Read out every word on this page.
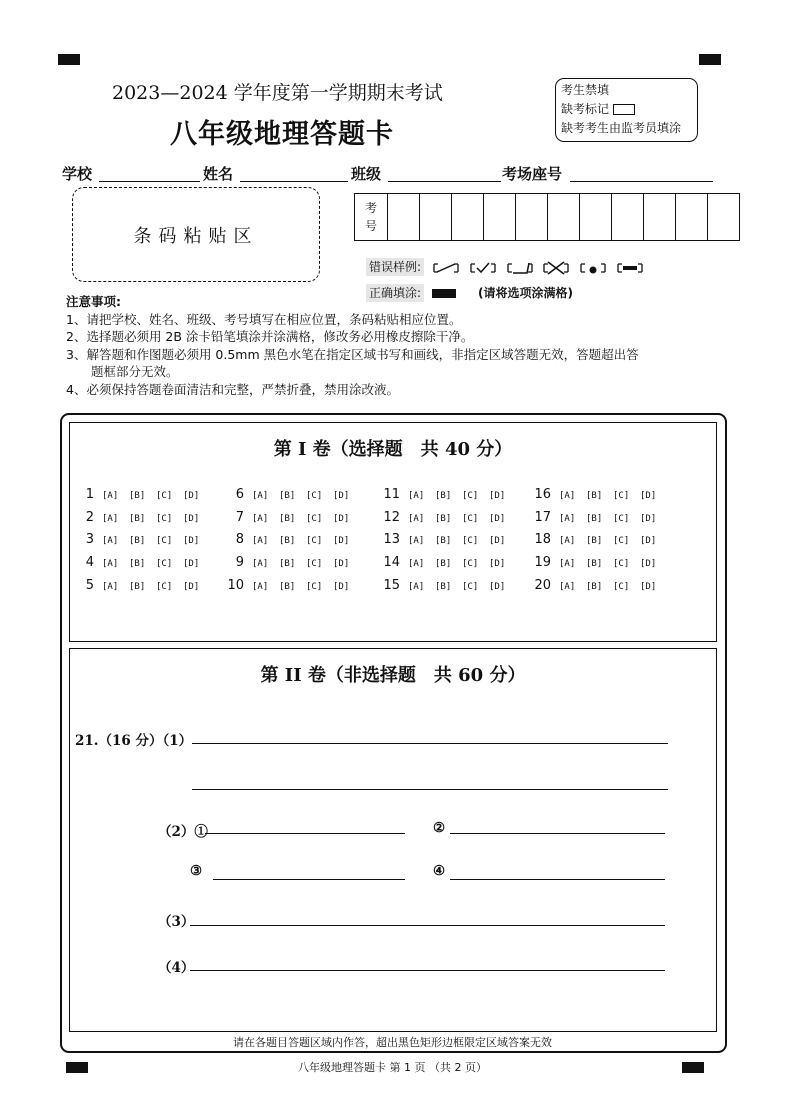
2023—2024 学年度第一学期期末考试
八年级地理答题卡
考生禁填
缺考标记
缺考考生由监考员填涂
学校	姓名	班级	考场座号
条码粘贴区
考
号

错误样例:
正确填涂:	(请将选项涂满格)
注意事项:
1、请把学校、姓名、班级、考号填写在相应位置，条码粘贴相应位置。
2、选择题必须用 2B 涂卡铅笔填涂并涂满格，修改务必用橡皮擦除干净。
3、解答题和作图题必须用 0.5mm 黑色水笔在指定区域书写和画线，非指定区域答题无效，答题超出答
题框部分无效。
4、必须保持答题卷面清洁和完整，严禁折叠，禁用涂改液。
第 I 卷（选择题　共 40 分）
1 [A] [B] [C] [D]
2 [A] [B] [C] [D]
3 [A] [B] [C] [D]
4 [A] [B] [C] [D]
5 [A] [B] [C] [D]
6 [A] [B] [C] [D]
7 [A] [B] [C] [D]
8 [A] [B] [C] [D]
9 [A] [B] [C] [D]
10 [A] [B] [C] [D]
11 [A] [B] [C] [D]
12 [A] [B] [C] [D]
13 [A] [B] [C] [D]
14 [A] [B] [C] [D]
15 [A] [B] [C] [D]
16 [A] [B] [C] [D]
17 [A] [B] [C] [D]
18 [A] [B] [C] [D]
19 [A] [B] [C] [D]
20 [A] [B] [C] [D]
第 II 卷（非选择题　共 60 分）
21.（16 分）（1）
（2）①	②
③	④
（3）
（4）
请在各题目答题区域内作答，超出黑色矩形边框限定区域答案无效
八年级地理答题卡 第 1 页 （共 2 页）
